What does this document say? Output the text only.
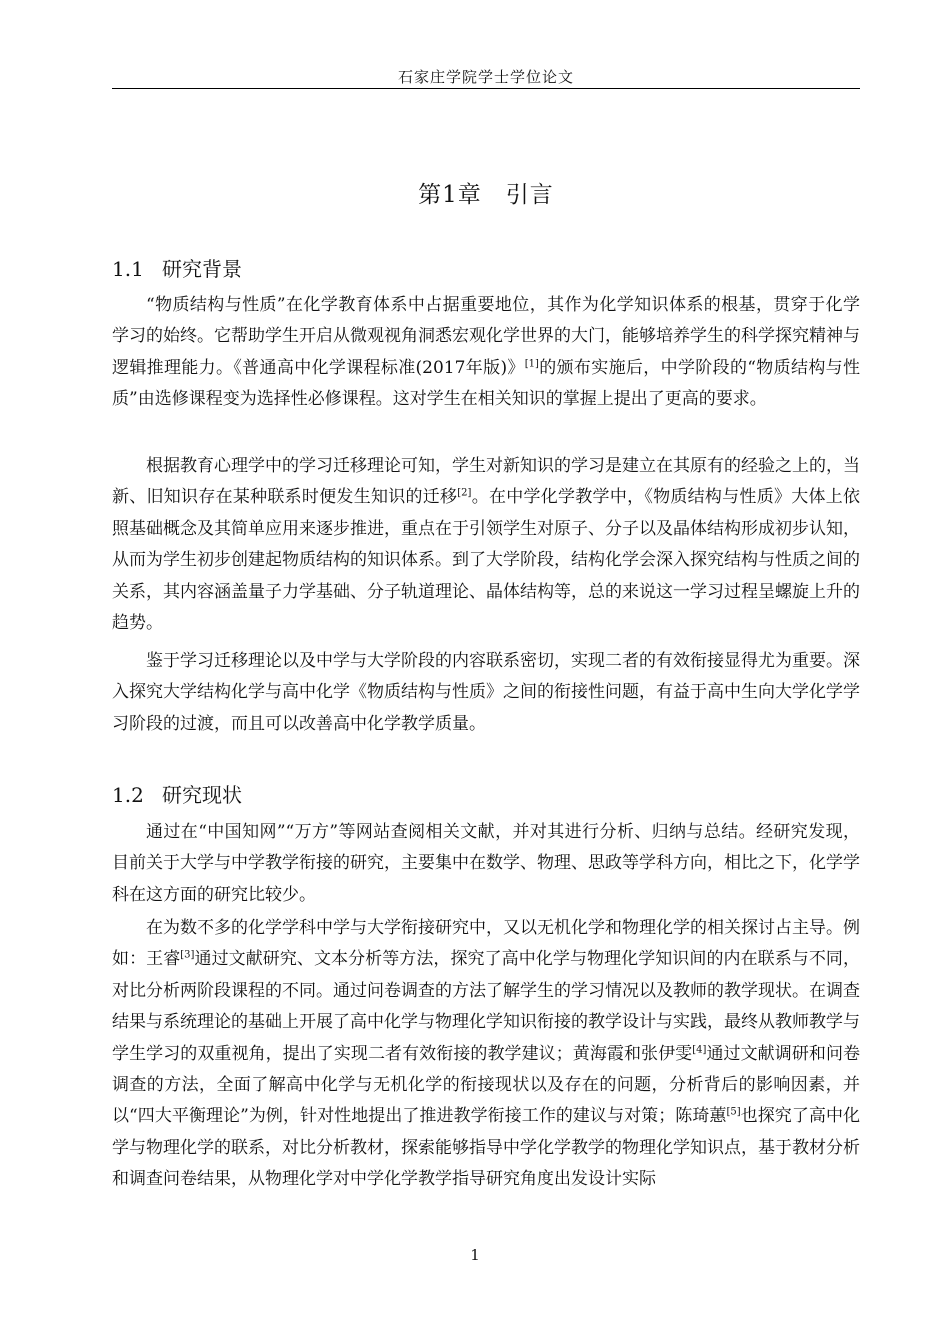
石家庄学院学士学位论文
第1章　引言
1.1 研究背景

“物质结构与性质”在化学教育体系中占据重要地位，其作为化学知识体系的根基，贯穿于化学学习的始终。它帮助学生开启从微观视角洞悉宏观化学世界的大门，能够培养学生的科学探究精神与逻辑推理能力。《普通高中化学课程标准(2017年版)》[1]的颁布实施后，中学阶段的“物质结构与性质”由选修课程变为选择性必修课程。这对学生在相关知识的掌握上提出了更高的要求。

根据教育心理学中的学习迁移理论可知，学生对新知识的学习是建立在其原有的经验之上的，当新、旧知识存在某种联系时便发生知识的迁移[2]。在中学化学教学中，《物质结构与性质》大体上依照基础概念及其简单应用来逐步推进，重点在于引领学生对原子、分子以及晶体结构形成初步认知，从而为学生初步创建起物质结构的知识体系。到了大学阶段，结构化学会深入探究结构与性质之间的关系，其内容涵盖量子力学基础、分子轨道理论、晶体结构等，总的来说这一学习过程呈螺旋上升的趋势。

鉴于学习迁移理论以及中学与大学阶段的内容联系密切，实现二者的有效衔接显得尤为重要。深入探究大学结构化学与高中化学《物质结构与性质》之间的衔接性问题，有益于高中生向大学化学学习阶段的过渡，而且可以改善高中化学教学质量。

1.2 研究现状

通过在“中国知网”“万方”等网站查阅相关文献，并对其进行分析、归纳与总结。经研究发现，目前关于大学与中学教学衔接的研究，主要集中在数学、物理、思政等学科方向，相比之下，化学学科在这方面的研究比较少。

在为数不多的化学学科中学与大学衔接研究中，又以无机化学和物理化学的相关探讨占主导。例如：王睿[3]通过文献研究、文本分析等方法，探究了高中化学与物理化学知识间的内在联系与不同，对比分析两阶段课程的不同。通过问卷调查的方法了解学生的学习情况以及教师的教学现状。在调查结果与系统理论的基础上开展了高中化学与物理化学知识衔接的教学设计与实践，最终从教师教学与学生学习的双重视角，提出了实现二者有效衔接的教学建议；黄海霞和张伊雯[4]通过文献调研和问卷调查的方法，全面了解高中化学与无机化学的衔接现状以及存在的问题，分析背后的影响因素，并以“四大平衡理论”为例，针对性地提出了推进教学衔接工作的建议与对策；陈琦蕙[5]也探究了高中化学与物理化学的联系，对比分析教材，探索能够指导中学化学教学的物理化学知识点，基于教材分析和调查问卷结果，从物理化学对中学化学教学指导研究角度出发设计实际

1
